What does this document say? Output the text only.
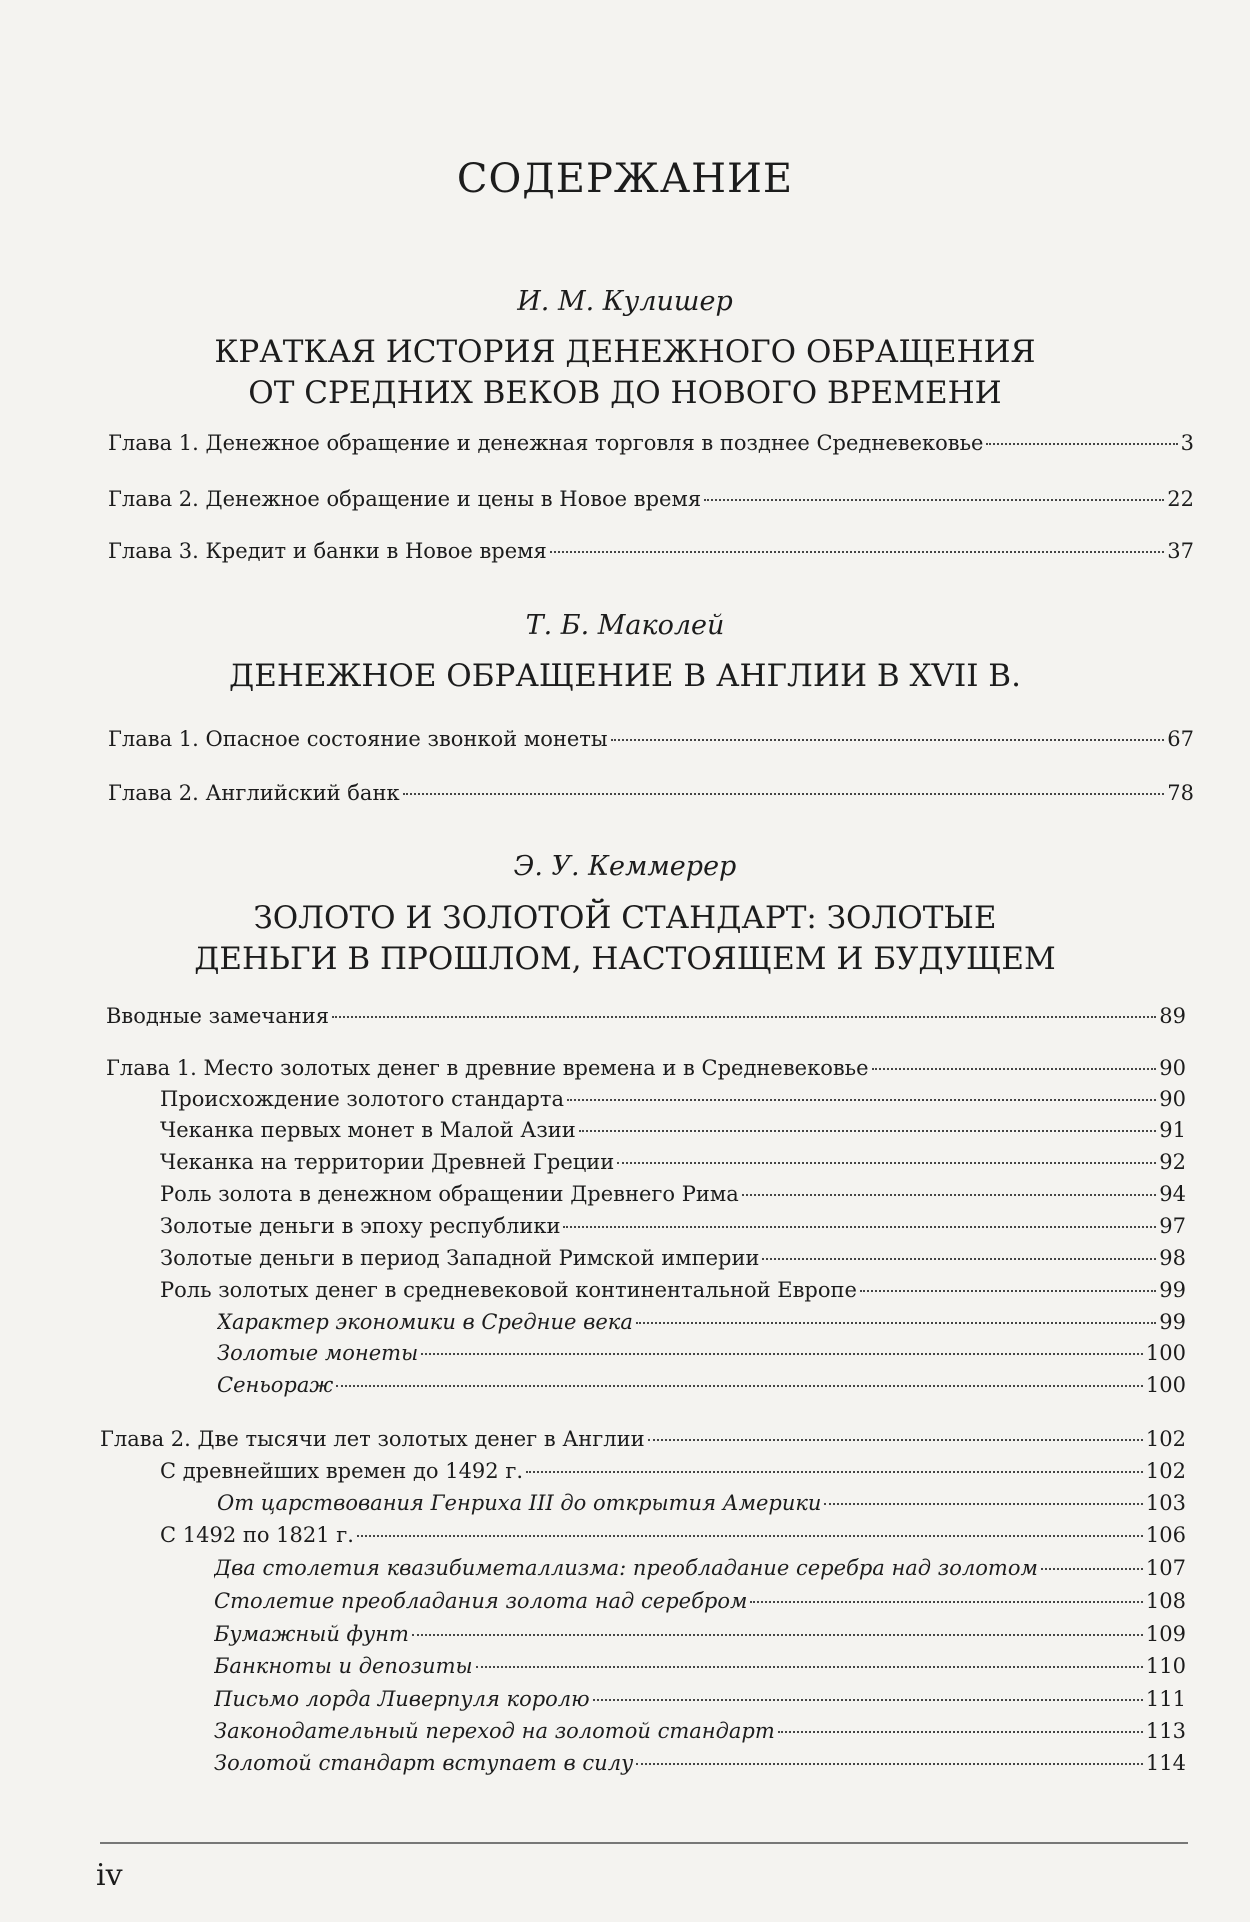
СОДЕРЖАНИЕ
И. М. Кулишер
КРАТКАЯ ИСТОРИЯ ДЕНЕЖНОГО ОБРАЩЕНИЯ
ОТ СРЕДНИХ ВЕКОВ ДО НОВОГО ВРЕМЕНИ
Глава 1. Денежное обращение и денежная торговля в позднее Средневековье	3
Глава 2. Денежное обращение и цены в Новое время	22
Глава 3. Кредит и банки в Новое время	37
Т. Б. Маколей
ДЕНЕЖНОЕ ОБРАЩЕНИЕ В АНГЛИИ В XVII В.
Глава 1. Опасное состояние звонкой монеты	67
Глава 2. Английский банк	78
Э. У. Кеммерер
ЗОЛОТО И ЗОЛОТОЙ СТАНДАРТ: ЗОЛОТЫЕ
ДЕНЬГИ В ПРОШЛОМ, НАСТОЯЩЕМ И БУДУЩЕМ
Вводные замечания	89
Глава 1. Место золотых денег в древние времена и в Средневековье	90
Происхождение золотого стандарта	90
Чеканка первых монет в Малой Азии	91
Чеканка на территории Древней Греции	92
Роль золота в денежном обращении Древнего Рима	94
Золотые деньги в эпоху республики	97
Золотые деньги в период Западной Римской империи	98
Роль золотых денег в средневековой континентальной Европе	99
Характер экономики в Средние века	99
Золотые монеты	100
Сеньораж	100
Глава 2. Две тысячи лет золотых денег в Англии	102
С древнейших времен до 1492 г.	102
От царствования Генриха III до открытия Америки	103
С 1492 по 1821 г.	106
Два столетия квазибиметаллизма: преобладание серебра над золотом	107
Столетие преобладания золота над серебром	108
Бумажный фунт	109
Банкноты и депозиты	110
Письмо лорда Ливерпуля королю	111
Законодательный переход на золотой стандарт	113
Золотой стандарт вступает в силу	114
iv
